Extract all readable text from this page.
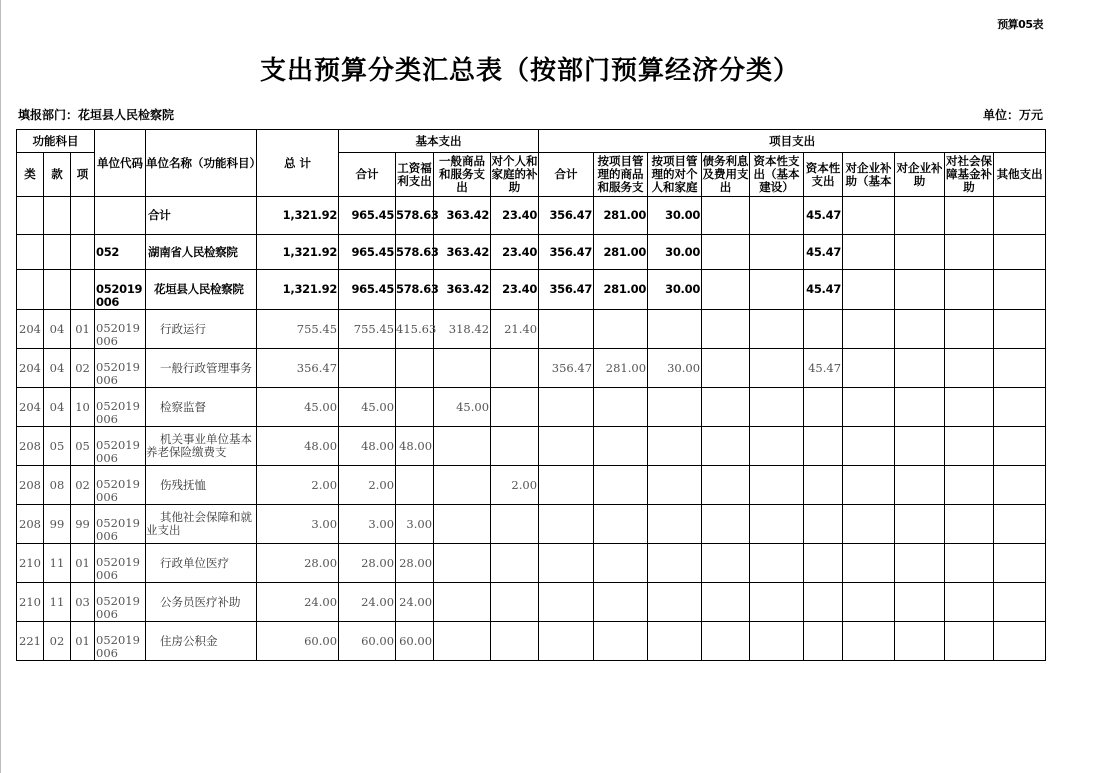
预算05表
支出预算分类汇总表（按部门预算经济分类）
填报部门：花垣县人民检察院	单位：万元
功能科目			单位代码	单位名称（功能科目）	总 计	基本支出				项目支出									
类	款	项				合计	工资福利支出	一般商品和服务支出	对个人和家庭的补助	合计	按项目管理的商品和服务支	按项目管理的对个人和家庭	债务利息及费用支出	资本性支出（基本建设）	资本性支出	对企业补助（基本	对企业补助	对社会保障基金补助	其他支出
				合计	1,321.92	965.45	578.63	363.42	23.40	356.47	281.00	30.00			45.47				
			052	湖南省人民检察院	1,321.92	965.45	578.63	363.42	23.40	356.47	281.00	30.00			45.47				
			052019006	花垣县人民检察院	1,321.92	965.45	578.63	363.42	23.40	356.47	281.00	30.00			45.47				
204	04	01	052019006	行政运行	755.45	755.45	415.63	318.42	21.40										
204	04	02	052019006	一般行政管理事务	356.47					356.47	281.00	30.00			45.47				
204	04	10	052019006	检察监督	45.00	45.00		45.00											
208	05	05	052019006	机关事业单位基本养老保险缴费支	48.00	48.00	48.00												
208	08	02	052019006	伤残抚恤	2.00	2.00			2.00										
208	99	99	052019006	其他社会保障和就业支出	3.00	3.00	3.00												
210	11	01	052019006	行政单位医疗	28.00	28.00	28.00												
210	11	03	052019006	公务员医疗补助	24.00	24.00	24.00												
221	02	01	052019006	住房公积金	60.00	60.00	60.00												
